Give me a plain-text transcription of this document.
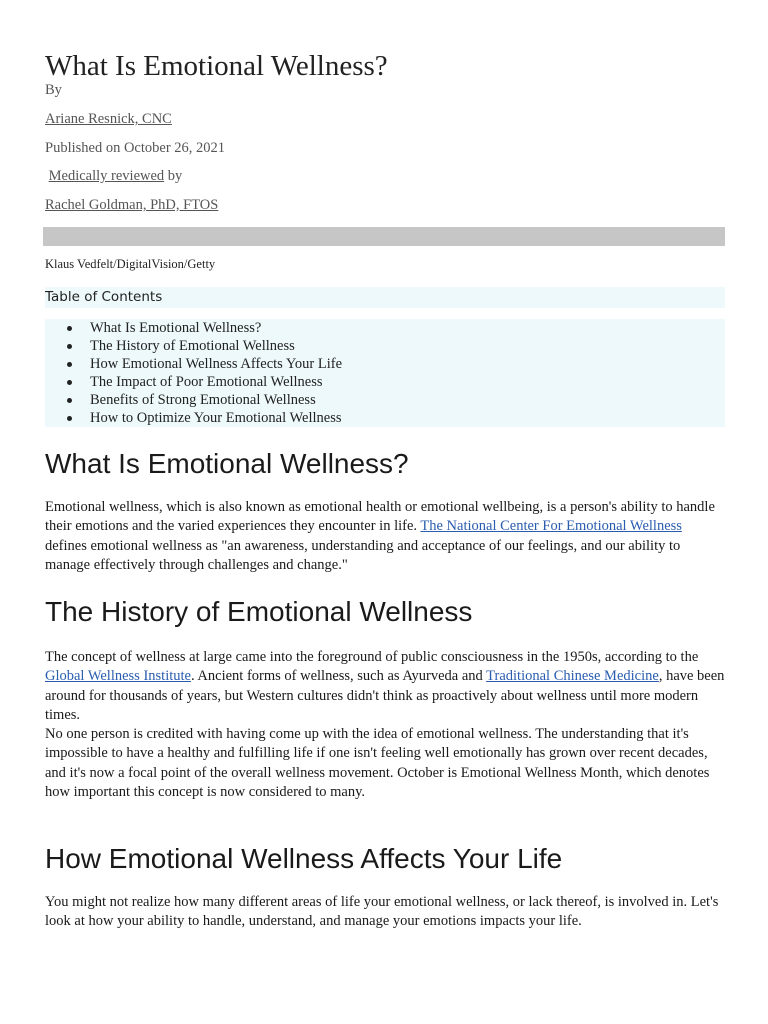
What Is Emotional Wellness?
By
Ariane Resnick, CNC
Published on October 26, 2021
Medically reviewed by
Rachel Goldman, PhD, FTOS
Klaus Vedfelt/DigitalVision/Getty
Table of Contents
What Is Emotional Wellness?
The History of Emotional Wellness
How Emotional Wellness Affects Your Life
The Impact of Poor Emotional Wellness
Benefits of Strong Emotional Wellness
How to Optimize Your Emotional Wellness
What Is Emotional Wellness?

Emotional wellness, which is also known as emotional health or emotional wellbeing, is a person's ability to handle their emotions and the varied experiences they encounter in life. The National Center For Emotional Wellness defines emotional wellness as "an awareness, understanding and acceptance of our feelings, and our ability to manage effectively through challenges and change."

The History of Emotional Wellness

The concept of wellness at large came into the foreground of public consciousness in the 1950s, according to the Global Wellness Institute. Ancient forms of wellness, such as Ayurveda and Traditional Chinese Medicine, have been around for thousands of years, but Western cultures didn't think as proactively about wellness until more modern times.

No one person is credited with having come up with the idea of emotional wellness. The understanding that it's impossible to have a healthy and fulfilling life if one isn't feeling well emotionally has grown over recent decades, and it's now a focal point of the overall wellness movement. October is Emotional Wellness Month, which denotes how important this concept is now considered to many.

How Emotional Wellness Affects Your Life

You might not realize how many different areas of life your emotional wellness, or lack thereof, is involved in. Let's look at how your ability to handle, understand, and manage your emotions impacts your life.
